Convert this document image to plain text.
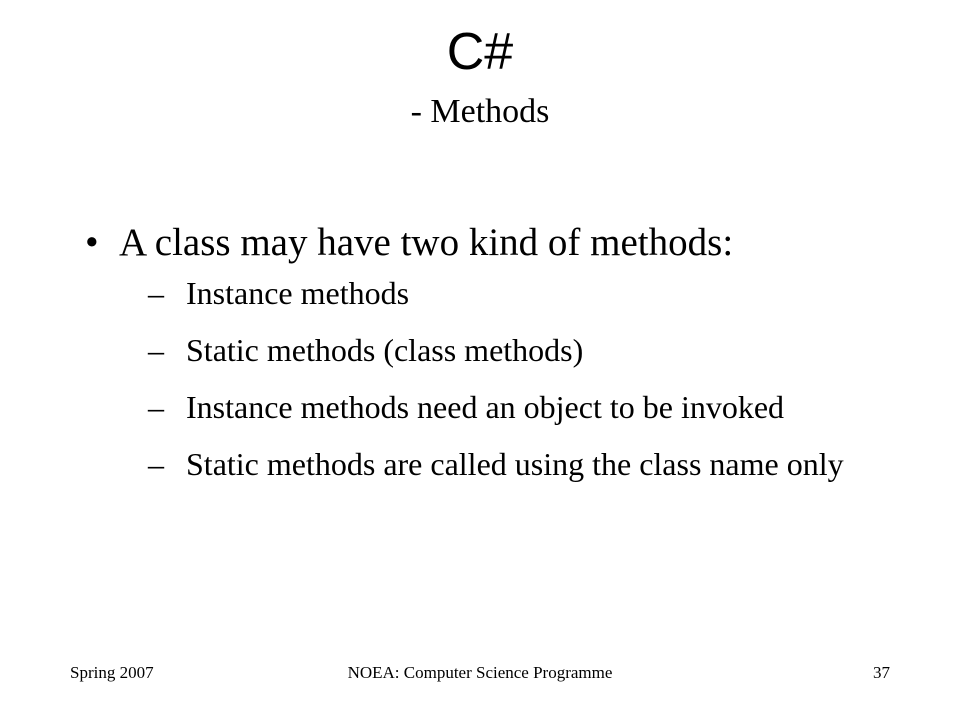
C#
- Methods
• A class may have two kind of methods:
– Instance methods
– Static methods (class methods)
– Instance methods need an object to be invoked
– Static methods are called using the class name only
Spring 2007	NOEA: Computer Science Programme	37
